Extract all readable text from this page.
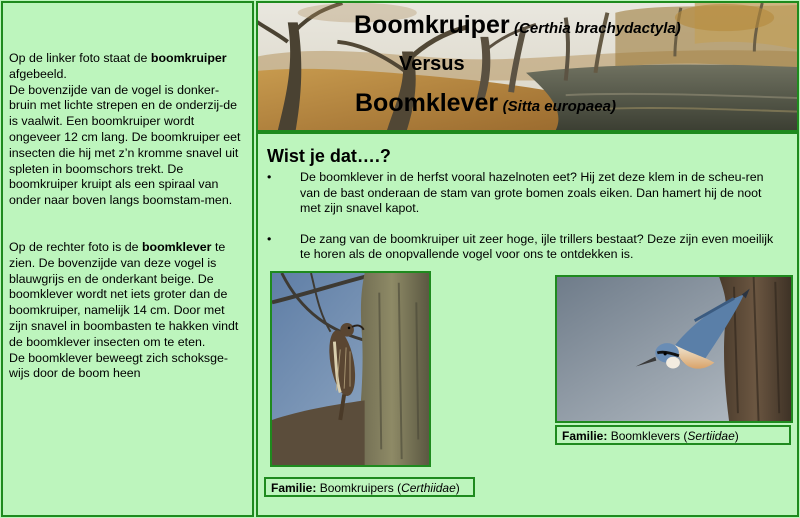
Op de linker foto staat de boomkruiper afgebeeld.
De bovenzijde van de vogel is donker-bruin met lichte strepen en de onderzij-de is vaalwit. Een boomkruiper wordt ongeveer 12 cm lang. De boomkruiper eet insecten die hij met z’n kromme snavel uit spleten in boomschors trekt. De boomkruiper kruipt als een spiraal van onder naar boven langs boomstam-men.

Op de rechter foto is de boomklever te zien. De bovenzijde van deze vogel is blauwgrijs en de onderkant beige. De boomklever wordt net iets groter dan de boomkruiper, namelijk 14 cm. Door met zijn snavel in boombasten te hakken vindt de boomklever insecten om te eten.
De boomklever beweegt zich schoksge-wijs door de boom heen

Boomkruiper (Certhia brachydactyla)
Versus
Boomklever (Sitta europaea)
Wist je dat….?
• De boomklever in de herfst vooral hazelnoten eet? Hij zet deze klem in de scheu-ren van de bast onderaan de stam van grote bomen zoals eiken. Dan hamert hij de noot met zijn snavel kapot.
• De zang van de boomkruiper uit zeer hoge, ijle trillers bestaat? Deze zijn even moeilijk te horen als de onopvallende vogel voor ons te ontdekken is.
Familie: Boomkruipers (Certhiidae)
Familie: Boomklevers (Sertiidae)
